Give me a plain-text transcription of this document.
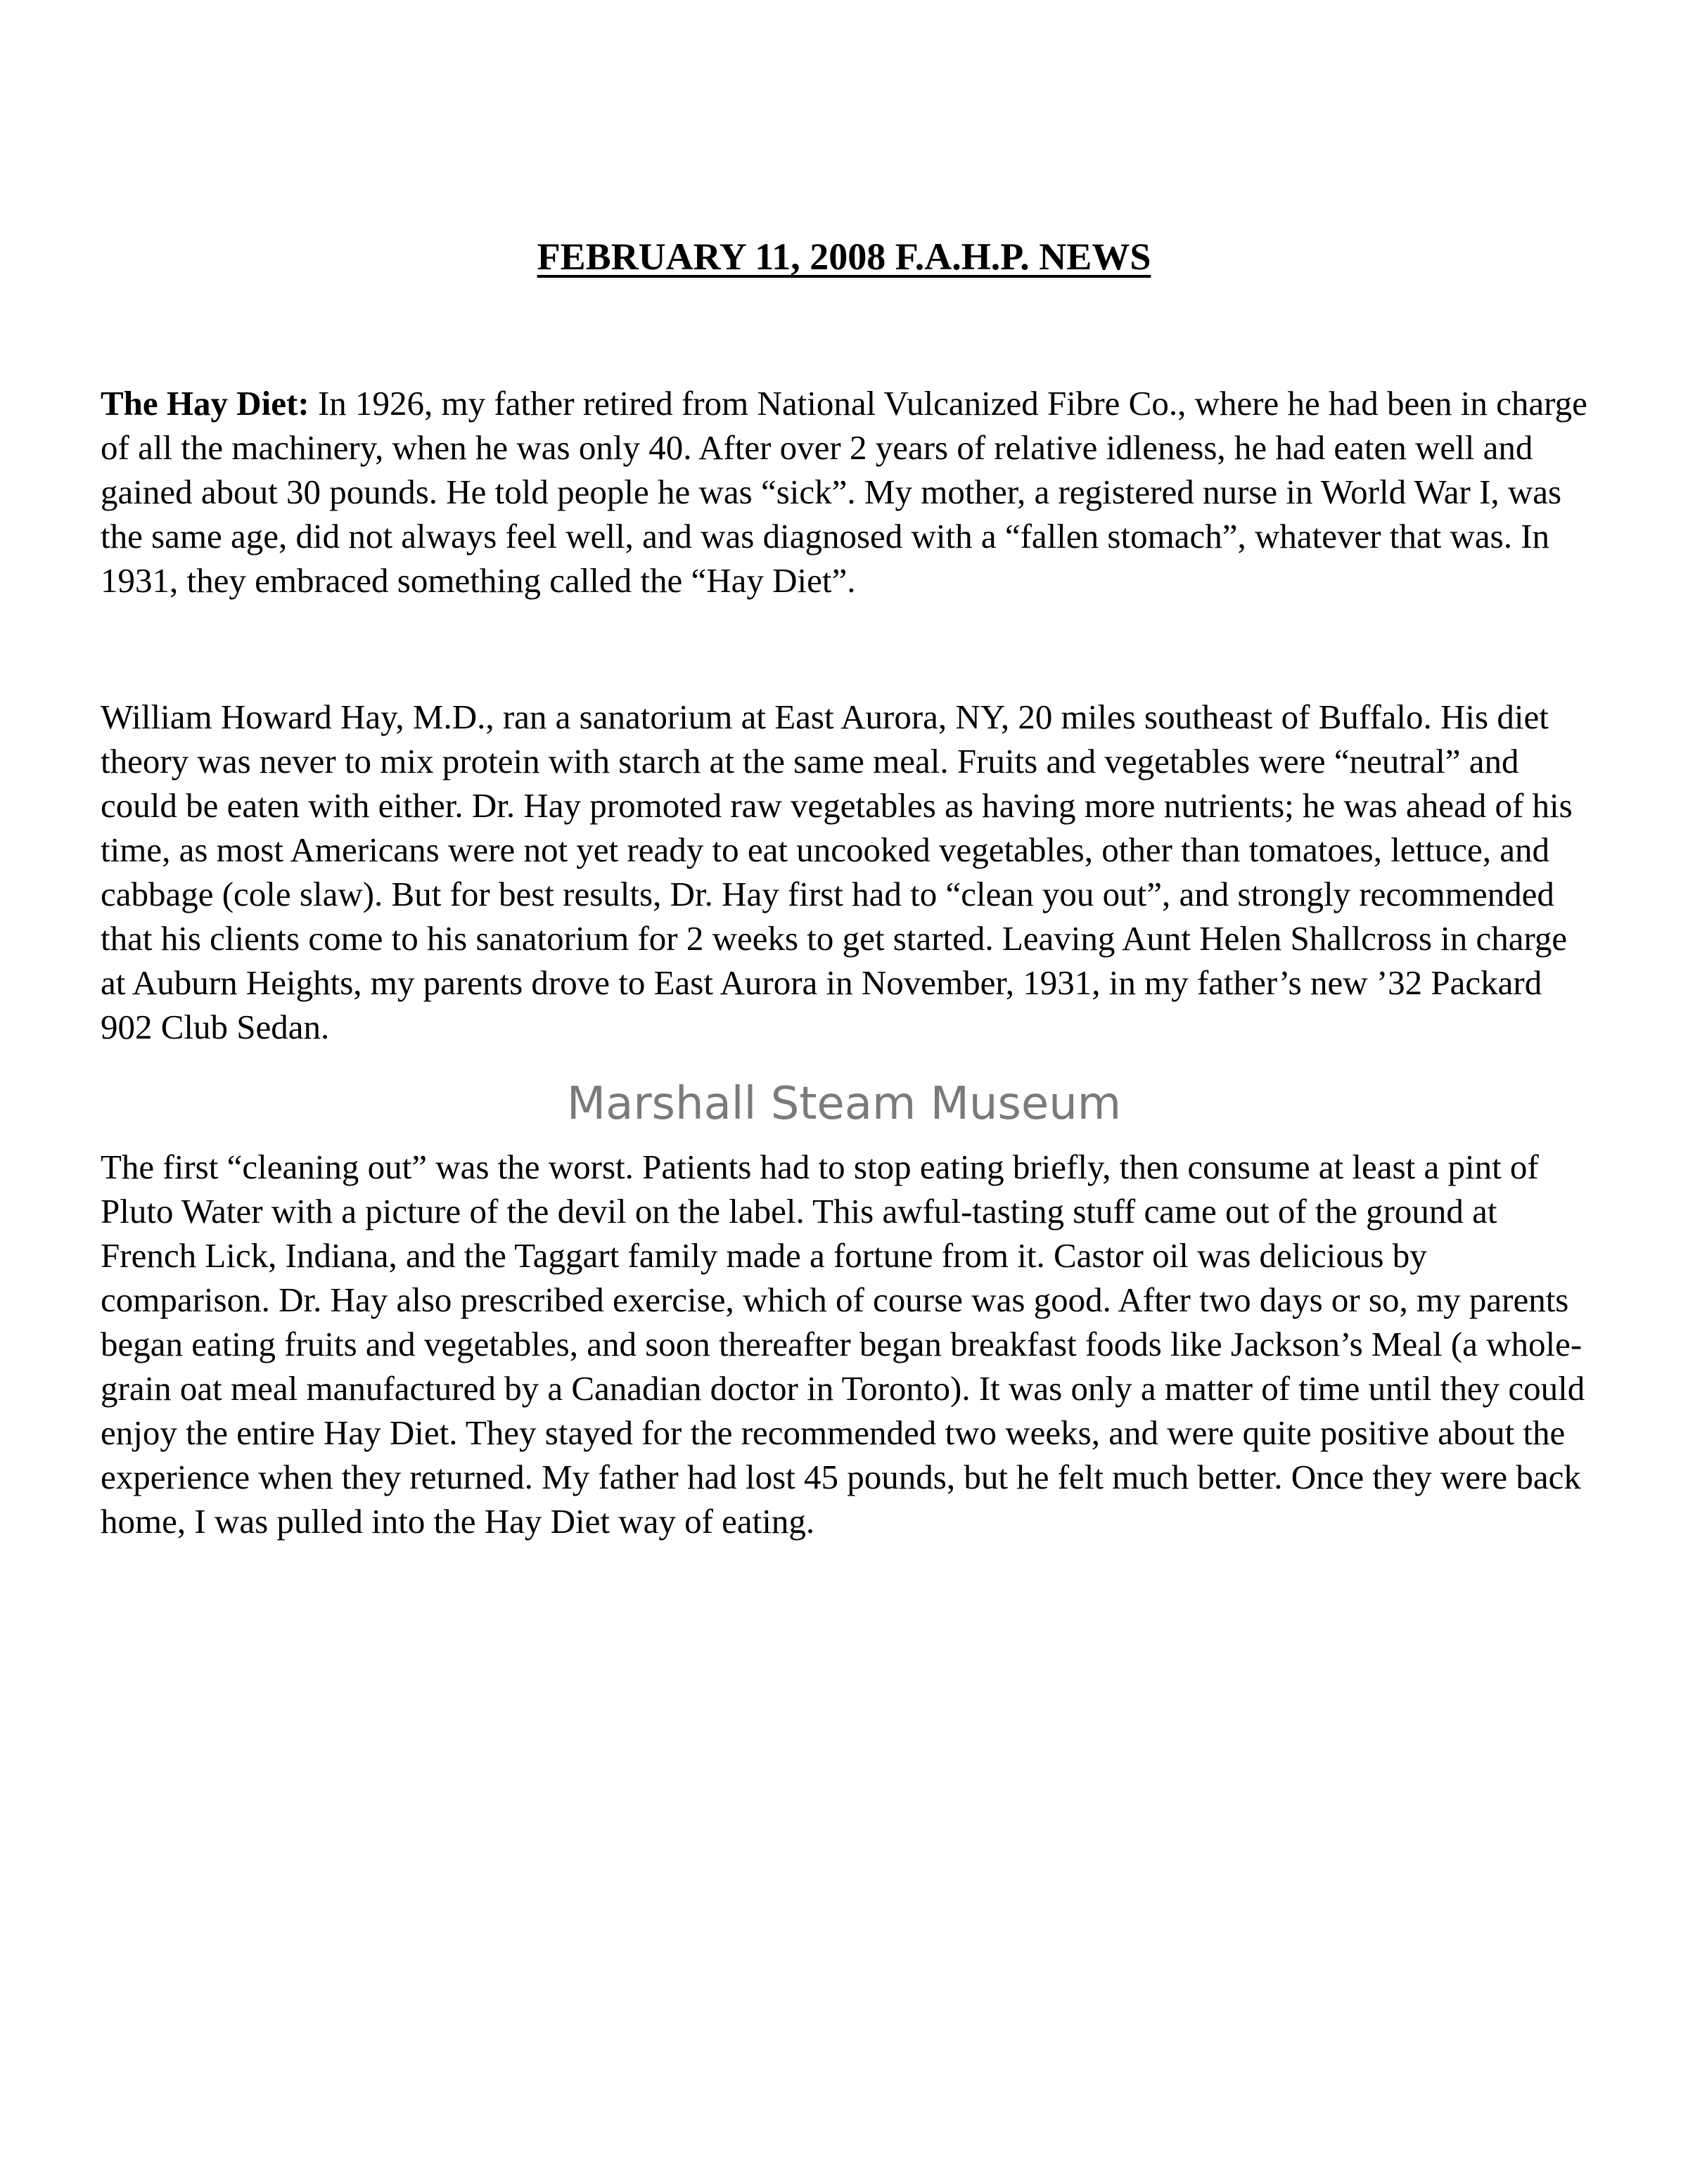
FEBRUARY 11, 2008 F.A.H.P. NEWS

The Hay Diet: In 1926, my father retired from National Vulcanized Fibre Co., where he had been in charge of all the machinery, when he was only 40. After over 2 years of relative idleness, he had eaten well and gained about 30 pounds. He told people he was “sick”. My mother, a registered nurse in World War I, was the same age, did not always feel well, and was diagnosed with a “fallen stomach”, whatever that was. In 1931, they embraced something called the “Hay Diet”.

William Howard Hay, M.D., ran a sanatorium at East Aurora, NY, 20 miles southeast of Buffalo. His diet theory was never to mix protein with starch at the same meal. Fruits and vegetables were “neutral” and could be eaten with either. Dr. Hay promoted raw vegetables as having more nutrients; he was ahead of his time, as most Americans were not yet ready to eat uncooked vegetables, other than tomatoes, lettuce, and cabbage (cole slaw). But for best results, Dr. Hay first had to “clean you out”, and strongly recommended that his clients come to his sanatorium for 2 weeks to get started. Leaving Aunt Helen Shallcross in charge at Auburn Heights, my parents drove to East Aurora in November, 1931, in my father’s new ’32 Packard 902 Club Sedan.

Marshall Steam Museum

The first “cleaning out” was the worst. Patients had to stop eating briefly, then consume at least a pint of Pluto Water with a picture of the devil on the label. This awful-tasting stuff came out of the ground at French Lick, Indiana, and the Taggart family made a fortune from it. Castor oil was delicious by comparison. Dr. Hay also prescribed exercise, which of course was good. After two days or so, my parents began eating fruits and vegetables, and soon thereafter began breakfast foods like Jackson’s Meal (a whole-grain oat meal manufactured by a Canadian doctor in Toronto). It was only a matter of time until they could enjoy the entire Hay Diet. They stayed for the recommended two weeks, and were quite positive about the experience when they returned. My father had lost 45 pounds, but he felt much better. Once they were back home, I was pulled into the Hay Diet way of eating.
